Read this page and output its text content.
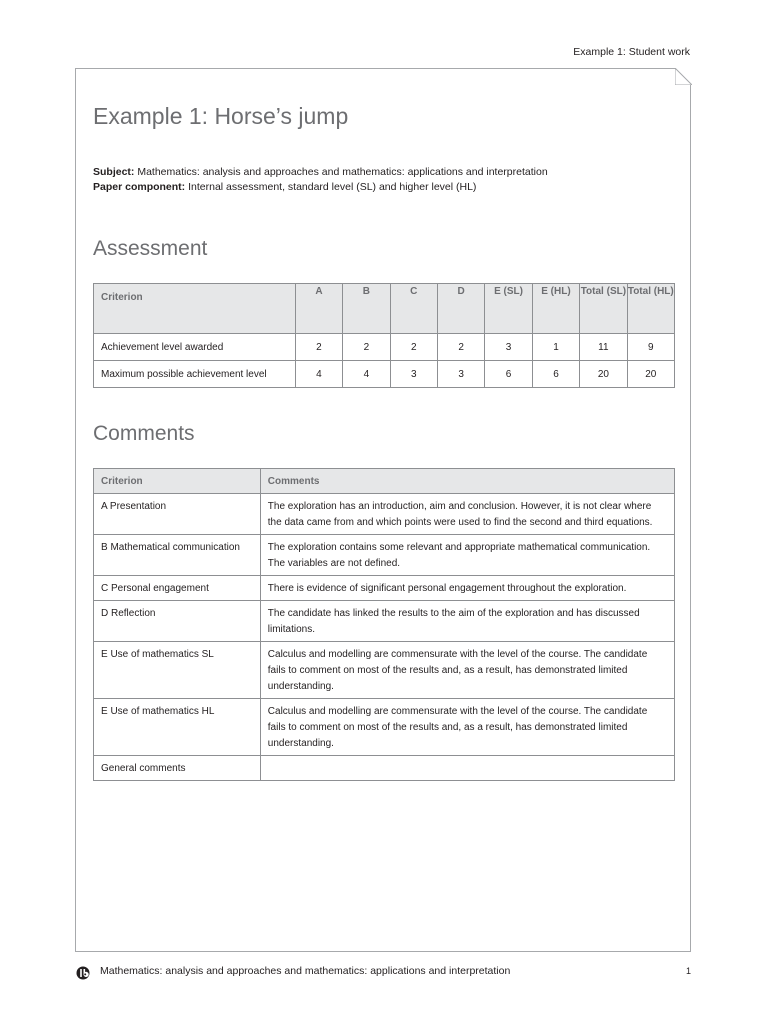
Example 1: Student work
Example 1: Horse’s jump
Subject: Mathematics: analysis and approaches and mathematics: applications and interpretation
Paper component: Internal assessment, standard level (SL) and higher level (HL)
Assessment
Criterion	A	B	C	D	E (SL)	E (HL)	Total (SL)	Total (HL)
Achievement level awarded	2	2	2	2	3	1	11	9
Maximum possible achievement level	4	4	3	3	6	6	20	20
Comments
Criterion	Comments
A Presentation	The exploration has an introduction, aim and conclusion. However, it is not clear where the data came from and which points were used to find the second and third equations.
B Mathematical communication	The exploration contains some relevant and appropriate mathematical communication. The variables are not defined.
C Personal engagement	There is evidence of significant personal engagement throughout the exploration.
D Reflection	The candidate has linked the results to the aim of the exploration and has discussed limitations.
E Use of mathematics SL	Calculus and modelling are commensurate with the level of the course. The candidate fails to comment on most of the results and, as a result, has demonstrated limited understanding.
E Use of mathematics HL	Calculus and modelling are commensurate with the level of the course. The candidate fails to comment on most of the results and, as a result, has demonstrated limited understanding.
General comments	
Mathematics: analysis and approaches and mathematics: applications and interpretation	1
